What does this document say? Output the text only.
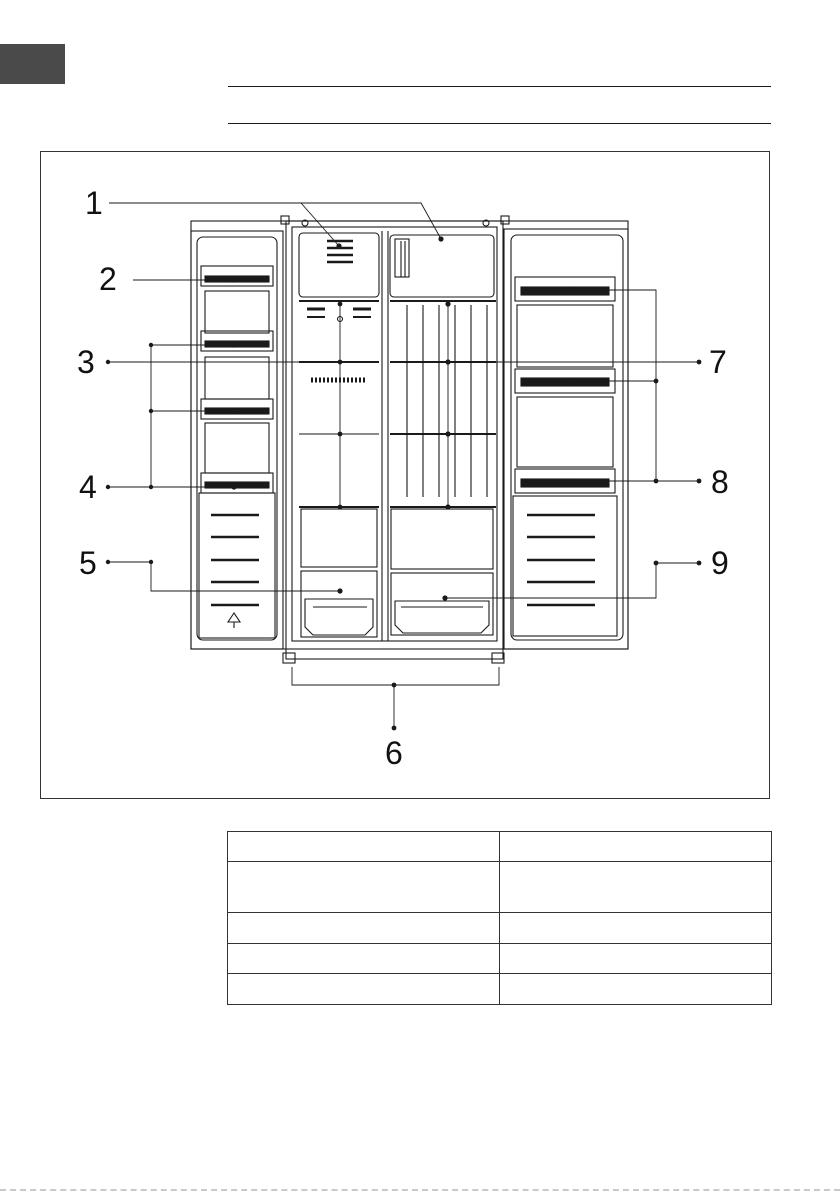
1
2
3
4
5
6
7
8
9
